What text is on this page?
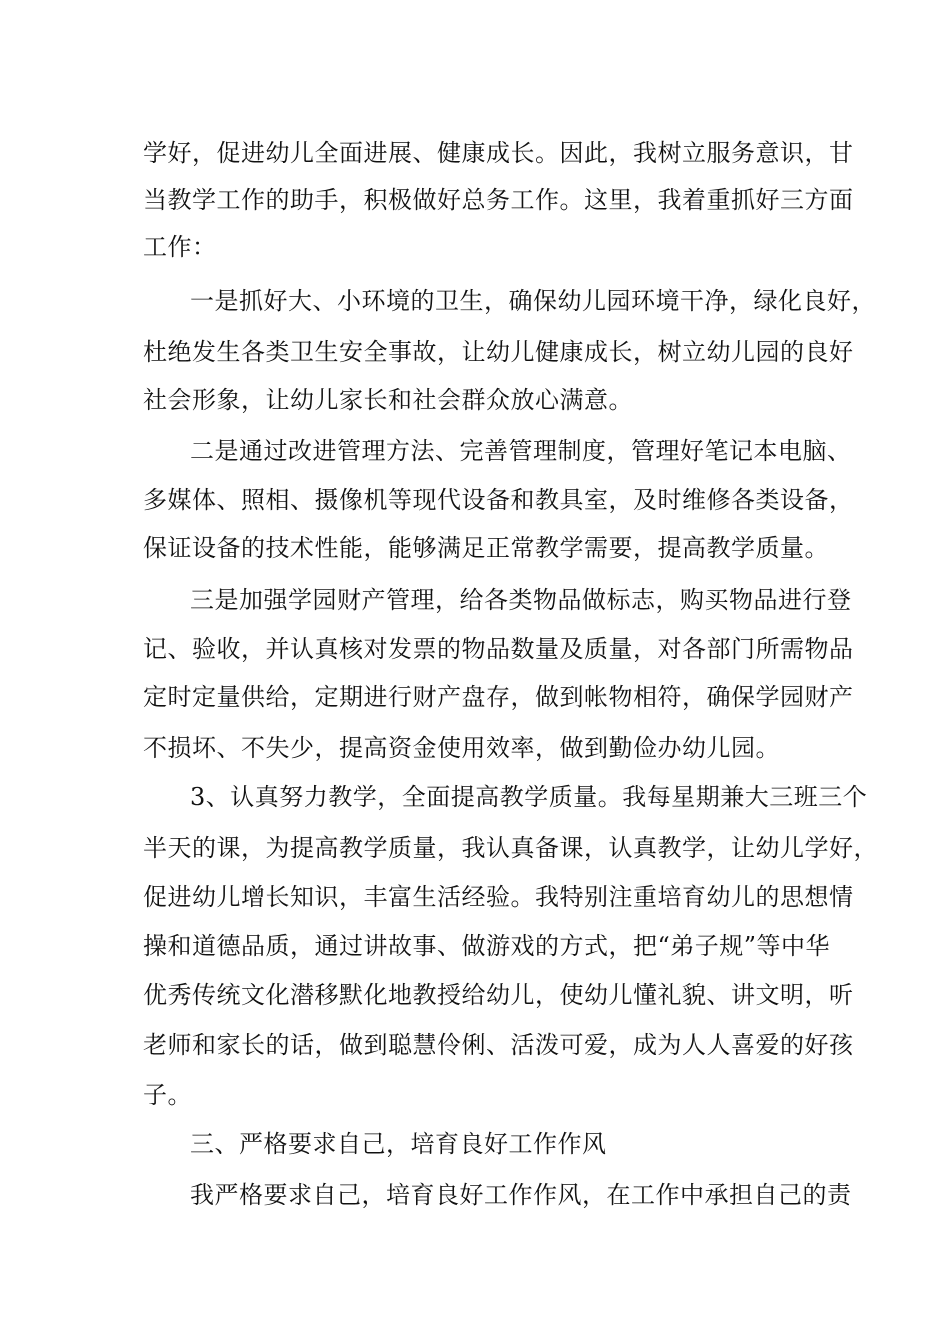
学好，促进幼儿全面进展、健康成长。因此，我树立服务意识，甘
当教学工作的助手，积极做好总务工作。这里，我着重抓好三方面
工作：
一是抓好大、小环境的卫生，确保幼儿园环境干净，绿化良好，
杜绝发生各类卫生安全事故，让幼儿健康成长，树立幼儿园的良好
社会形象，让幼儿家长和社会群众放心满意。
二是通过改进管理方法、完善管理制度，管理好笔记本电脑、
多媒体、照相、摄像机等现代设备和教具室，及时维修各类设备，
保证设备的技术性能，能够满足正常教学需要，提高教学质量。
三是加强学园财产管理，给各类物品做标志，购买物品进行登
记、验收，并认真核对发票的物品数量及质量，对各部门所需物品
定时定量供给，定期进行财产盘存，做到帐物相符，确保学园财产
不损坏、不失少，提高资金使用效率，做到勤俭办幼儿园。
3、认真努力教学，全面提高教学质量。我每星期兼大三班三个
半天的课，为提高教学质量，我认真备课，认真教学，让幼儿学好，
促进幼儿增长知识，丰富生活经验。我特别注重培育幼儿的思想情
操和道德品质，通过讲故事、做游戏的方式，把“弟子规”等中华
优秀传统文化潜移默化地教授给幼儿，使幼儿懂礼貌、讲文明，听
老师和家长的话，做到聪慧伶俐、活泼可爱，成为人人喜爱的好孩
子。
三、严格要求自己，培育良好工作作风
我严格要求自己，培育良好工作作风，在工作中承担自己的责
